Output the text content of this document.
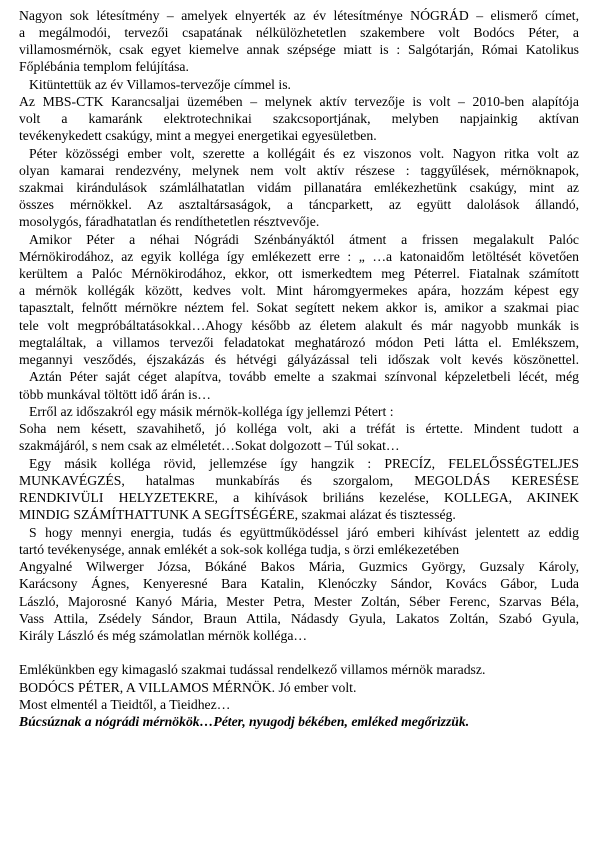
Nagyon sok létesítmény – amelyek elnyerték az év létesítménye NÓGRÁD – elismerő címet,
a megálmodói, tervezői csapatának nélkülözhetetlen szakembere volt Bodócs Péter, a
villamosmérnök, csak egyet kiemelve annak szépsége miatt is : Salgótarján, Római Katolikus
Főplébánia templom felújítása.
Kitüntettük az év Villamos-tervezője címmel is.
Az MBS-CTK Karancsaljai üzemében – melynek aktív tervezője is volt – 2010-ben alapítója
volt a kamaránk elektrotechnikai szakcsoportjának, melyben napjainkig aktívan
tevékenykedett csakúgy, mint a megyei energetikai egyesületben.
Péter közösségi ember volt, szerette a kollégáit és ez viszonos volt. Nagyon ritka volt az
olyan kamarai rendezvény, melynek nem volt aktív részese : taggyűlések, mérnöknapok,
szakmai kirándulások számlálhatatlan vidám pillanatára emlékezhetünk csakúgy, mint az
összes mérnökkel. Az asztaltársaságok, a táncparkett, az együtt dalolások állandó,
mosolygós, fáradhatatlan és rendíthetetlen résztvevője.
Amikor Péter a néhai Nógrádi Szénbányáktól átment a frissen megalakult Palóc
Mérnökirodához, az egyik kolléga így emlékezett erre : „ …a katonaidőm letöltését követően
kerültem a Palóc Mérnökirodához, ekkor, ott ismerkedtem meg Péterrel. Fiatalnak számított
a mérnök kollégák között, kedves volt. Mint háromgyermekes apára, hozzám képest egy
tapasztalt, felnőtt mérnökre néztem fel. Sokat segített nekem akkor is, amikor a szakmai piac
tele volt megpróbáltatásokkal…Ahogy később az életem alakult és már nagyobb munkák is
megtaláltak, a villamos tervezői feladatokat meghatározó módon Peti látta el. Emlékszem,
megannyi vesződés, éjszakázás és hétvégi gályázással teli időszak volt kevés köszönettel.
Aztán Péter saját céget alapítva, tovább emelte a szakmai színvonal képzeletbeli lécét, még
több munkával töltött idő árán is…
Erről az időszakról egy másik mérnök-kolléga így jellemzi Pétert :
Soha nem késett, szavahihető, jó kolléga volt, aki a tréfát is értette. Mindent tudott a
szakmájáról, s nem csak az elméletét…Sokat dolgozott – Túl sokat…
Egy másik kolléga rövid, jellemzése így hangzik : PRECÍZ, FELELŐSSÉGTELJES
MUNKAVÉGZÉS, hatalmas munkabírás és szorgalom, MEGOLDÁS KERESÉSE
RENDKIVÜLI HELYZETEKRE, a kihívások briliáns kezelése, KOLLEGA, AKINEK
MINDIG SZÁMÍTHATTUNK A SEGÍTSÉGÉRE, szakmai alázat és tisztesség.
S hogy mennyi energia, tudás és együttműködéssel járó emberi kihívást jelentett az eddig
tartó tevékenysége, annak emlékét a sok-sok kolléga tudja, s örzi emlékezetében
Angyalné Wilwerger Józsa, Bókáné Bakos Mária, Guzmics György, Guzsaly Károly,
Karácsony Ágnes, Kenyeresné Bara Katalin, Klenóczky Sándor, Kovács Gábor, Luda
László, Majorosné Kanyó Mária, Mester Petra, Mester Zoltán, Séber Ferenc, Szarvas Béla,
Vass Attila, Zsédely Sándor, Braun Attila, Nádasdy Gyula, Lakatos Zoltán, Szabó Gyula,
Király László és még számolatlan mérnök kolléga…
Emlékünkben egy kimagasló szakmai tudással rendelkező villamos mérnök maradsz.
BODÓCS PÉTER, A VILLAMOS MÉRNÖK. Jó ember volt.
Most elmentél a Tieidtől, a Tieidhez…
Búcsúznak a nógrádi mérnökök…Péter, nyugodj békében, emléked megőrizzük.
